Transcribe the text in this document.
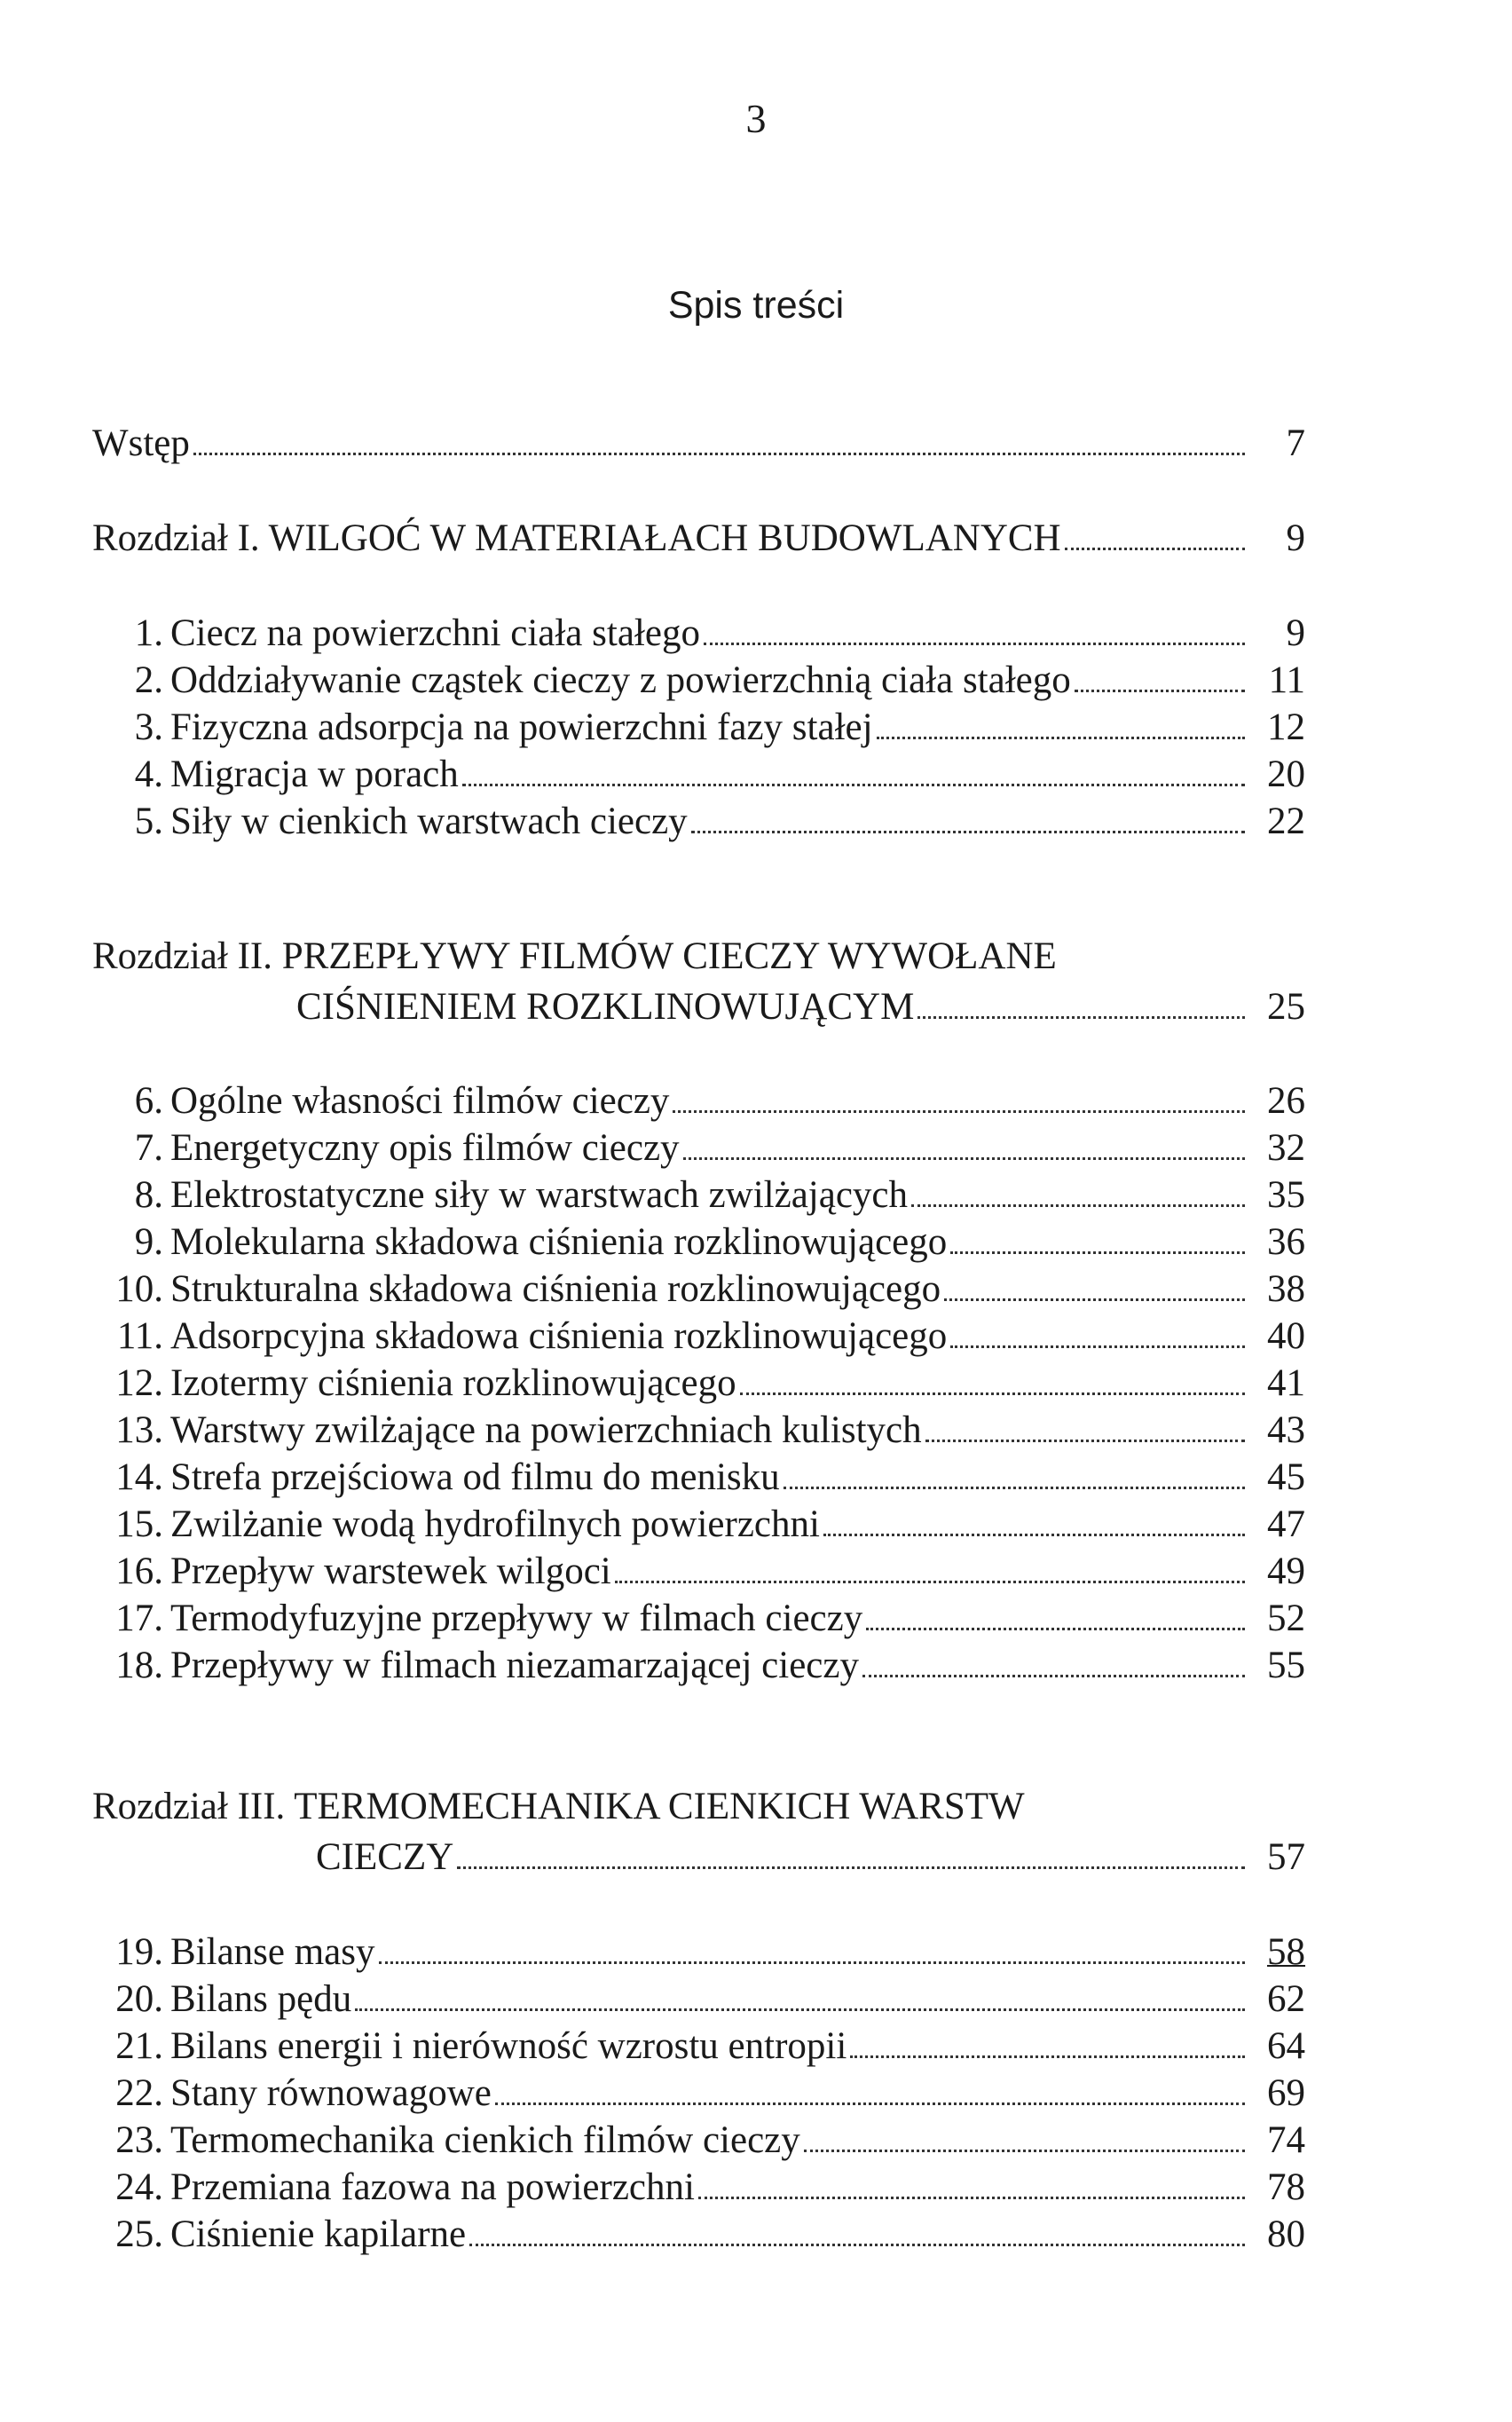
3
Spis treści
Wstęp	7
Rozdział I. WILGOĆ W MATERIAŁACH BUDOWLANYCH	9
1. Ciecz na powierzchni ciała stałego	9
2. Oddziaływanie cząstek cieczy z powierzchnią ciała stałego	11
3. Fizyczna adsorpcja na powierzchni fazy stałej	12
4. Migracja w porach	20
5. Siły w cienkich warstwach cieczy	22
Rozdział II. PRZEPŁYWY FILMÓW CIECZY WYWOŁANE
CIŚNIENIEM ROZKLINOWUJĄCYM	25
6. Ogólne własności filmów cieczy	26
7. Energetyczny opis filmów cieczy	32
8. Elektrostatyczne siły w warstwach zwilżających	35
9. Molekularna składowa ciśnienia rozklinowującego	36
10. Strukturalna składowa ciśnienia rozklinowującego	38
11. Adsorpcyjna składowa ciśnienia rozklinowującego	40
12. Izotermy ciśnienia rozklinowującego	41
13. Warstwy zwilżające na powierzchniach kulistych	43
14. Strefa przejściowa od filmu do menisku	45
15. Zwilżanie wodą hydrofilnych powierzchni	47
16. Przepływ warstewek wilgoci	49
17. Termodyfuzyjne przepływy w filmach cieczy	52
18. Przepływy w filmach niezamarzającej cieczy	55
Rozdział III. TERMOMECHANIKA CIENKICH WARSTW
CIECZY	57
19. Bilanse masy	58
20. Bilans pędu	62
21. Bilans energii i nierówność wzrostu entropii	64
22. Stany równowagowe	69
23. Termomechanika cienkich filmów cieczy	74
24. Przemiana fazowa na powierzchni	78
25. Ciśnienie kapilarne	80
